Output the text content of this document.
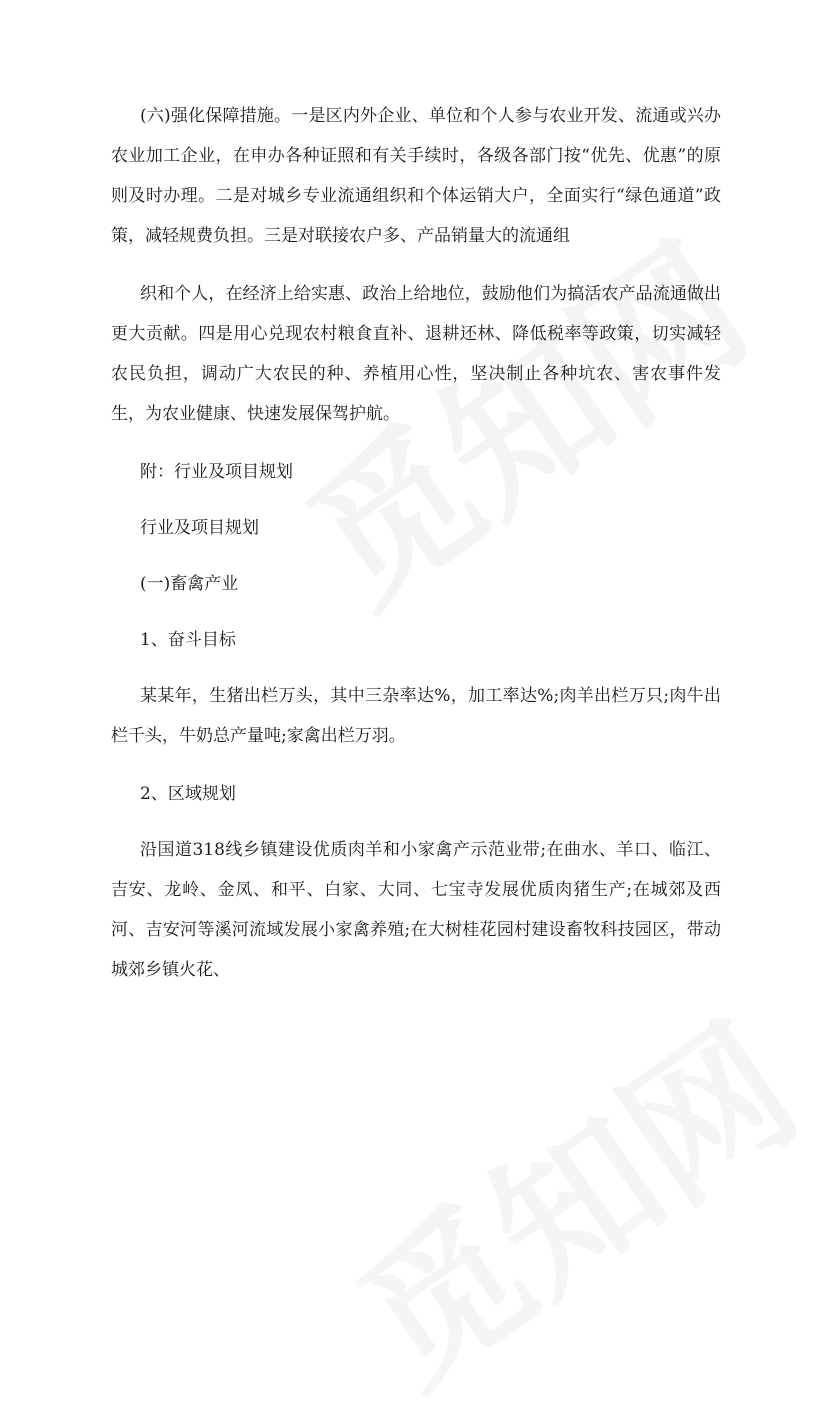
(六)强化保障措施。一是区内外企业、单位和个人参与农业开发、流通或兴办农业加工企业，在申办各种证照和有关手续时，各级各部门按“优先、优惠”的原则及时办理。二是对城乡专业流通组织和个体运销大户，全面实行“绿色通道”政策，减轻规费负担。三是对联接农户多、产品销量大的流通组

织和个人，在经济上给实惠、政治上给地位，鼓励他们为搞活农产品流通做出更大贡献。四是用心兑现农村粮食直补、退耕还林、降低税率等政策，切实减轻农民负担，调动广大农民的种、养植用心性，坚决制止各种坑农、害农事件发生，为农业健康、快速发展保驾护航。

附：行业及项目规划

行业及项目规划

(一)畜禽产业

1、奋斗目标

某某年，生猪出栏万头，其中三杂率达%，加工率达%;肉羊出栏万只;肉牛出栏千头，牛奶总产量吨;家禽出栏万羽。

2、区域规划

沿国道318线乡镇建设优质肉羊和小家禽产示范业带;在曲水、羊口、临江、吉安、龙岭、金凤、和平、白家、大同、七宝寺发展优质肉猪生产;在城郊及西河、吉安河等溪河流域发展小家禽养殖;在大树桂花园村建设畜牧科技园区，带动城郊乡镇火花、
